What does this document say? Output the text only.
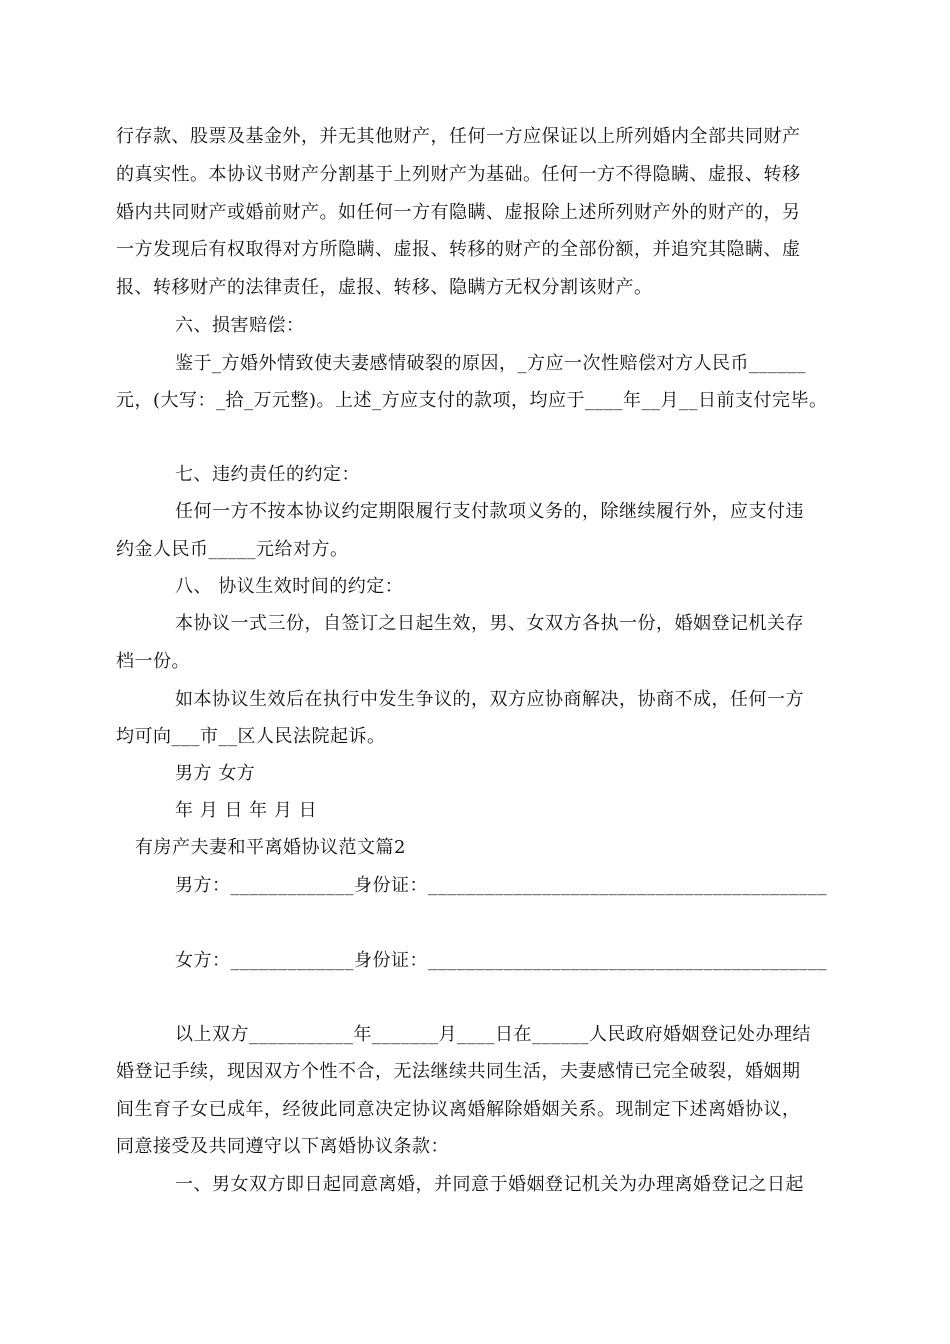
行存款、股票及基金外，并无其他财产，任何一方应保证以上所列婚内全部共同财产
的真实性。本协议书财产分割基于上列财产为基础。任何一方不得隐瞒、虚报、转移
婚内共同财产或婚前财产。如任何一方有隐瞒、虚报除上述所列财产外的财产的，另
一方发现后有权取得对方所隐瞒、虚报、转移的财产的全部份额，并追究其隐瞒、虚
报、转移财产的法律责任，虚报、转移、隐瞒方无权分割该财产。
六、损害赔偿：
鉴于_方婚外情致使夫妻感情破裂的原因，_方应一次性赔偿对方人民币______
元，(大写：_拾_万元整)。上述_方应支付的款项，均应于____年__月__日前支付完毕。
七、违约责任的约定：
任何一方不按本协议约定期限履行支付款项义务的，除继续履行外，应支付违
约金人民币_____元给对方。
八、 协议生效时间的约定：
本协议一式三份，自签订之日起生效，男、女双方各执一份，婚姻登记机关存
档一份。
如本协议生效后在执行中发生争议的，双方应协商解决，协商不成，任何一方
均可向___市__区人民法院起诉。
男方 女方
年 月 日 年 月 日
有房产夫妻和平离婚协议范文篇2
男方：_____________身份证：__________________________________________
女方：_____________身份证：__________________________________________
以上双方___________年_______月____日在______人民政府婚姻登记处办理结
婚登记手续，现因双方个性不合，无法继续共同生活，夫妻感情已完全破裂，婚姻期
间生育子女已成年，经彼此同意决定协议离婚解除婚姻关系。现制定下述离婚协议，
同意接受及共同遵守以下离婚协议条款：
一、男女双方即日起同意离婚，并同意于婚姻登记机关为办理离婚登记之日起
